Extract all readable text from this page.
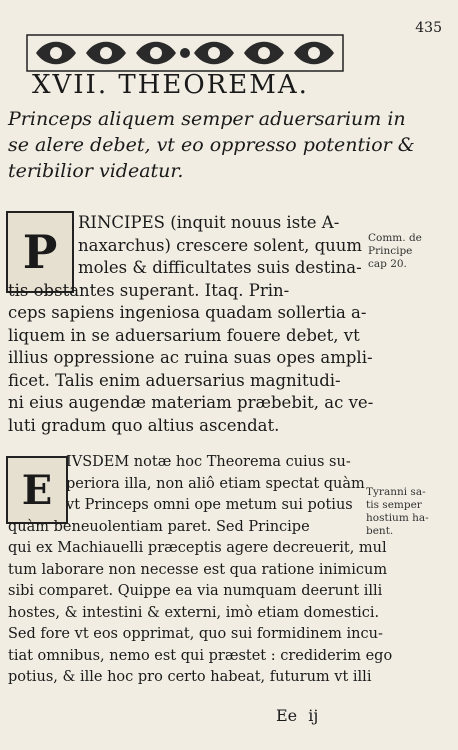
435
XVII. THEOREMA.
Princeps aliquem semper aduersarium in
se alere debet, vt eo oppresso potentior &
teribilior videatur.
P
RINCIPES (inquit nouus iste A-
naxarchus) crescere solent, quum
moles & difficultates suis destina-
tis obstantes superant. Itaq. Prin-
ceps sapiens ingeniosa quadam sollertia a-
liquem in se aduersarium fouere debet, vt
illius oppressione ac ruina suas opes ampli-
ficet. Talis enim aduersarius magnitudi-
ni eius augendæ materiam præbebit, ac ve-
luti gradum quo altius ascendat.
Comm. de
Principe
cap 20.
E
IVSDEM notæ hoc Theorema cuius su-
periora illa, non aliô etiam spectat quàm
vt Princeps omni ope metum sui potius
quàm beneuolentiam paret. Sed Principe
qui ex Machiauelli præceptis agere decreuerit, mul
tum laborare non necesse est qua ratione inimicum
sibi comparet. Quippe ea via numquam deerunt illi
hostes, & intestini & externi, imò etiam domestici.
Sed fore vt eos opprimat, quo sui formidinem incu-
tiat omnibus, nemo est qui præstet : crediderim ego
potius, & ille hoc pro certo habeat, futurum vt illi
Tyranni sa-
tis semper
hostium ha-
bent.
Ee ij
